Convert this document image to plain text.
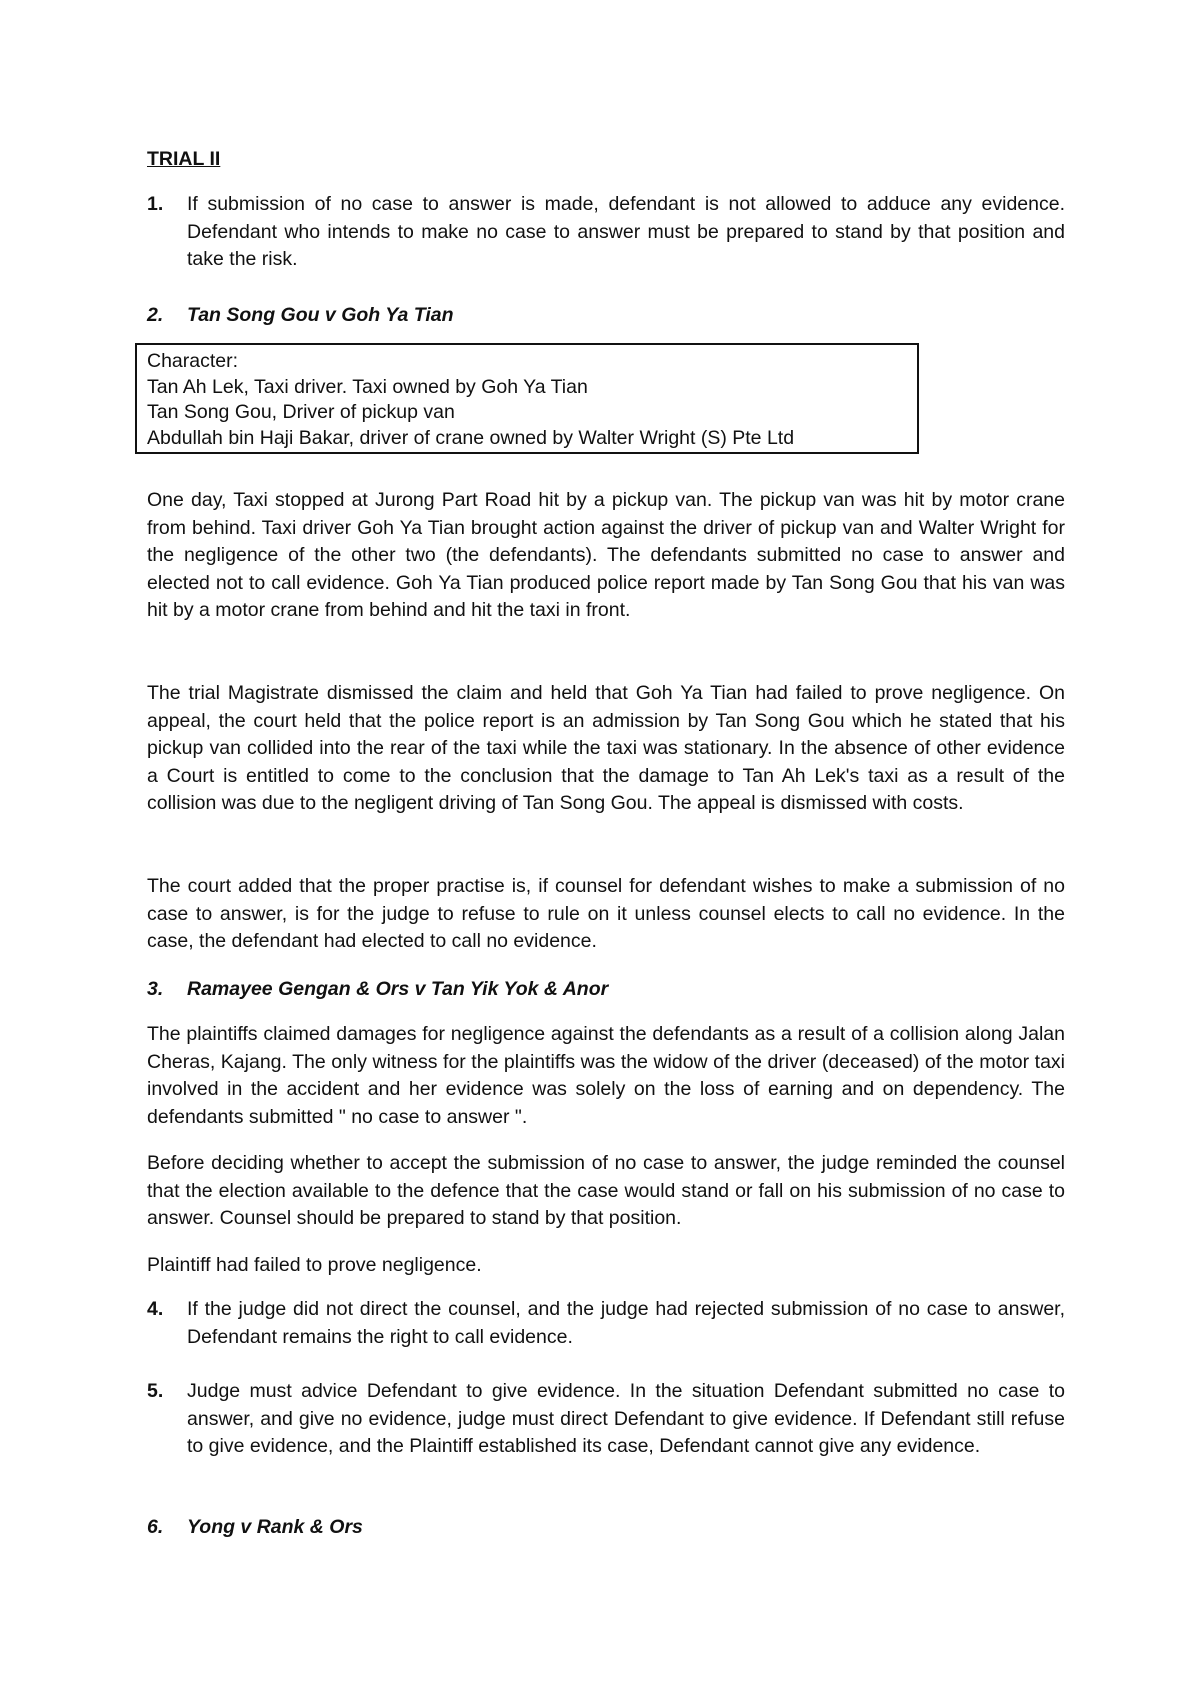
TRIAL II
1. If submission of no case to answer is made, defendant is not allowed to adduce any evidence. Defendant who intends to make no case to answer must be prepared to stand by that position and take the risk.
2. Tan Song Gou v Goh Ya Tian
Character:
Tan Ah Lek, Taxi driver. Taxi owned by Goh Ya Tian
Tan Song Gou, Driver of pickup van
Abdullah bin Haji Bakar, driver of crane owned by Walter Wright (S) Pte Ltd
One day, Taxi stopped at Jurong Part Road hit by a pickup van. The pickup van was hit by motor crane from behind. Taxi driver Goh Ya Tian brought action against the driver of pickup van and Walter Wright for the negligence of the other two (the defendants). The defendants submitted no case to answer and elected not to call evidence. Goh Ya Tian produced police report made by Tan Song Gou that his van was hit by a motor crane from behind and hit the taxi in front.
The trial Magistrate dismissed the claim and held that Goh Ya Tian had failed to prove negligence. On appeal, the court held that the police report is an admission by Tan Song Gou which he stated that his pickup van collided into the rear of the taxi while the taxi was stationary. In the absence of other evidence a Court is entitled to come to the conclusion that the damage to Tan Ah Lek's taxi as a result of the collision was due to the negligent driving of Tan Song Gou. The appeal is dismissed with costs.
The court added that the proper practise is, if counsel for defendant wishes to make a submission of no case to answer, is for the judge to refuse to rule on it unless counsel elects to call no evidence. In the case, the defendant had elected to call no evidence.
3. Ramayee Gengan & Ors v Tan Yik Yok & Anor
The plaintiffs claimed damages for negligence against the defendants as a result of a collision along Jalan Cheras, Kajang. The only witness for the plaintiffs was the widow of the driver (deceased) of the motor taxi involved in the accident and her evidence was solely on the loss of earning and on dependency. The defendants submitted " no case to answer ".
Before deciding whether to accept the submission of no case to answer, the judge reminded the counsel that the election available to the defence that the case would stand or fall on his submission of no case to answer. Counsel should be prepared to stand by that position.
Plaintiff had failed to prove negligence.
4. If the judge did not direct the counsel, and the judge had rejected submission of no case to answer, Defendant remains the right to call evidence.
5. Judge must advice Defendant to give evidence. In the situation Defendant submitted no case to answer, and give no evidence, judge must direct Defendant to give evidence. If Defendant still refuse to give evidence, and the Plaintiff established its case, Defendant cannot give any evidence.
6. Yong v Rank & Ors
